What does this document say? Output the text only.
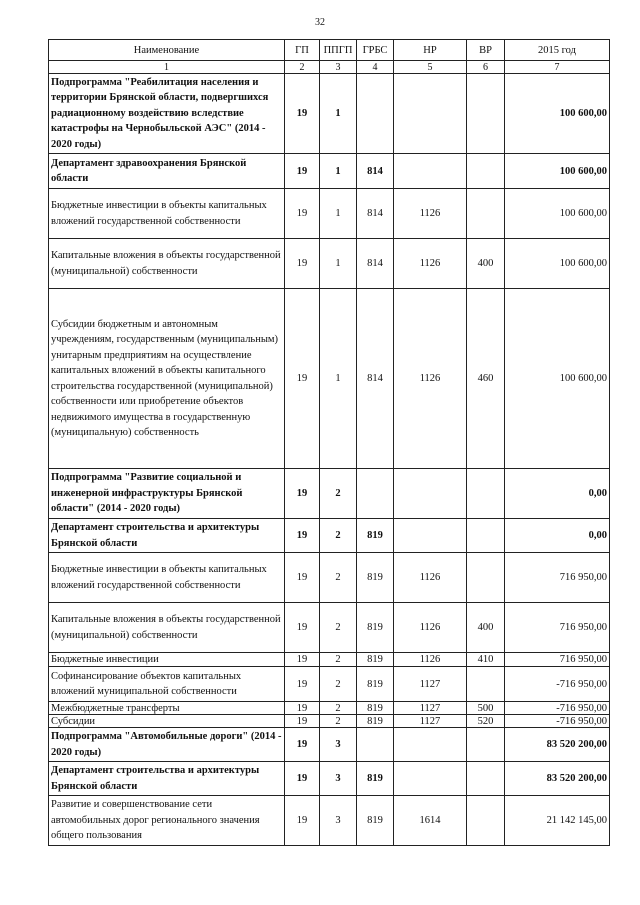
32
Наименование	ГП	ППГП	ГРБС	НР	ВР	2015 год
1	2	3	4	5	6	7
Подпрограмма "Реабилитация населения и территории Брянской области, подвергшихся радиационному воздействию вследствие катастрофы на Чернобыльской АЭС" (2014 - 2020 годы)	19	1				100 600,00
Департамент здравоохранения Брянской области	19	1	814			100 600,00
Бюджетные инвестиции в объекты капитальных вложений государственной собственности	19	1	814	1126		100 600,00
Капитальные вложения в объекты государственной (муниципальной) собственности	19	1	814	1126	400	100 600,00
Субсидии бюджетным и автономным учреждениям, государственным (муниципальным) унитарным предприятиям на осуществление капитальных вложений в объекты капитального строительства государственной (муниципальной) собственности или приобретение объектов недвижимого имущества в государственную (муниципальную) собственность	19	1	814	1126	460	100 600,00
Подпрограмма "Развитие социальной и инженерной инфраструктуры Брянской области" (2014 - 2020 годы)	19	2				0,00
Департамент строительства и архитектуры Брянской области	19	2	819			0,00
Бюджетные инвестиции в объекты капитальных вложений государственной собственности	19	2	819	1126		716 950,00
Капитальные вложения в объекты государственной (муниципальной) собственности	19	2	819	1126	400	716 950,00
Бюджетные инвестиции	19	2	819	1126	410	716 950,00
Софинансирование объектов капитальных вложений муниципальной собственности	19	2	819	1127		-716 950,00
Межбюджетные трансферты	19	2	819	1127	500	-716 950,00
Субсидии	19	2	819	1127	520	-716 950,00
Подпрограмма "Автомобильные дороги" (2014 - 2020 годы)	19	3				83 520 200,00
Департамент строительства и архитектуры Брянской области	19	3	819			83 520 200,00
Развитие и совершенствование сети автомобильных дорог регионального значения общего пользования	19	3	819	1614		21 142 145,00
